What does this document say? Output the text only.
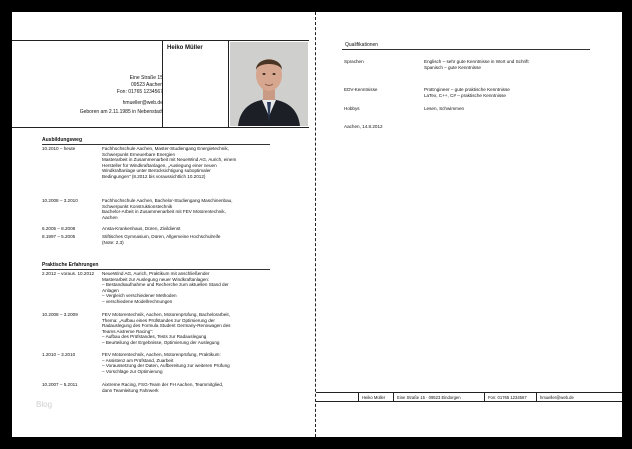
Heiko Müller
Eine Straße 15
09523 Aachen
Fon: 01765 1234567
hmueller@web.de
Geboren am 2.11.1985 in Nebenstadt
Ausbildungsweg
10.2010 – heute	Fachhochschule Aachen, Master-Studiengang Energietechnik,
Schwerpunkt Erneuerbare Energien
Masterarbeit in Zusammenarbeit mit NeueWind AG, Aurich, einem
Hersteller für Windkraftanlagen, „Auslegung einer neuen
Windkraftanlage unter Berücksichtigung suboptimaler
Bedingungen“ (8.2012 bis voraussichtlich 10.2012)
10.2008 – 3.2010	Fachhochschule Aachen, Bachelor-Studiengang Maschinenbau,
Schwerpunkt Konstruktionstechnik
Bachelor-Arbeit in Zusammenarbeit mit FEV Motorentechnik,
Aachen
6.2005 – 8.2008	Ansta-Krankenhaus, Düren, Zivildienst
8.1997 – 5.2005	Stiftisches Gymnasium, Düren, Allgemeine Hochschulreife
(Note: 2,3)
Praktische Erfahrungen
2.2012 – voraus. 10.2012	NeueWind AG, Aurich, Praktikum mit anschließender
Masterarbeit zur Auslegung neuer Windkraftanlagen:
– Bestandsaufnahme und Recherche zum aktuellen Stand der
Anlagen
– Vergleich verschiedener Methoden
– verschiedene Modellrechnungen
10.2008 – 3.2009	FEV Motorentechnik, Aachen, Motorenprüfung, Bachelorarbeit,
Thema: „Aufbau eines Prüfstandes zur Optimierung der
Radauslegung des Formula Student Germany-Rennwagen des
Teams Aixtreme Racing“:
– Aufbau des Prüfstandes, Tests zur Radauslegung
– Beurteilung der Ergebnisse, Optimierung der Auslegung
1.2010 – 3.2010	FEV Motorentechnik, Aachen, Motorenprüfung, Praktikum:
– Assistenz am Prüfstand, Zuarbeit
– Voraussetzung der Daten, Aufbereitung zur weiteren Prüfung
– Vorschläge zur Optimierung
10.2007 – 5.2011	Aixtreme Racing, FSG-Team der FH Aachen, Teammitglied,
dann Teamleitung Fahrwerk
Blog
Qualifikationen
Sprachen	Englisch – sehr gute Kenntnisse in Wort und Schrift
Spanisch – gute Kenntnisse
EDV-Kenntnisse	ProEngineer – gute praktische Kenntnisse
LaTex, C++, C# – praktische Kenntnisse
Hobbys	Lesen, Schwimmen
Aachen, 14.8.2012
Heiko Müller	Eine Straße 15 · 09523 Eindorgen	Fon: 01765 1234567	hmueller@web.de
